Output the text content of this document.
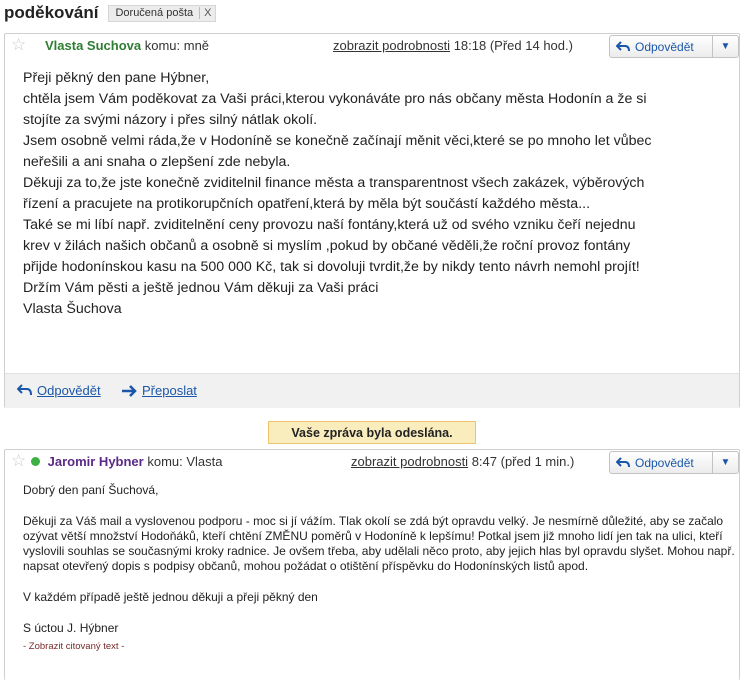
poděkování	Doručená pošta	X
☆ Vlasta Suchova komu: mně	zobrazit podrobnosti 18:18 (Před 14 hod.)	Odpovědět	▼

Přeji pěkný den pane Hýbner,

chtěla jsem Vám poděkovat za Vaši práci,kterou vykonáváte pro nás občany města Hodonín a že si

stojíte za svými názory i přes silný nátlak okolí.

Jsem osobně velmi ráda,že v Hodoníně se konečně začínají měnit věci,které se po mnoho let vůbec

neřešili a ani snaha o zlepšení zde nebyla.

Děkuji za to,že jste konečně zviditelnil finance města a transparentnost všech zakázek, výběrových

řízení a pracujete na protikorupčních opatření,která by měla být součástí každého města...

Také se mi líbí např. zviditelnění ceny provozu naší fontány,která už od svého vzniku čeří nejednu

krev v žilách našich občanů a osobně si myslím ,pokud by občané věděli,že roční provoz fontány

přijde hodonínskou kasu na 500 000 Kč, tak si dovoluji tvrdit,že by nikdy tento návrh nemohl projít!

Držím Vám pěsti a ještě jednou Vám děkuji za Vaši práci

Vlasta Šuchova

Odpovědět	Přeposlat
Vaše zpráva byla odeslána.
☆	Jaromir Hybner komu: Vlasta	zobrazit podrobnosti 8:47 (před 1 min.)	Odpovědět	▼

Dobrý den paní Šuchová,

Děkuji za Váš mail a vyslovenou podporu - moc si jí vážím. Tlak okolí se zdá být opravdu velký. Je nesmírně důležité, aby se začalo ozývat větší množství Hodoňáků, kteří chtění ZMĚNU poměrů v Hodoníně k lepšímu! Potkal jsem již mnoho lidí jen tak na ulici, kteří vyslovili souhlas se současnými kroky radnice. Je ovšem třeba, aby udělali něco proto, aby jejich hlas byl opravdu slyšet. Mohou např. napsat otevřený dopis s podpisy občanů, mohou požádat o otištění příspěvku do Hodonínských listů apod.

V každém případě ještě jednou děkuji a přeji pěkný den

S úctou J. Hýbner

- Zobrazit citovaný text -
